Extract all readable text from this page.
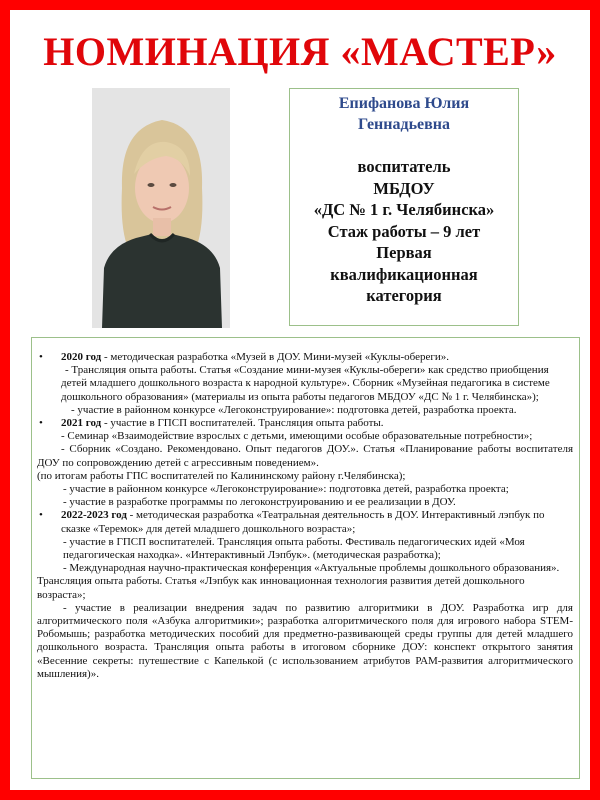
НОМИНАЦИЯ «МАСТЕР»
Епифанова Юлия
Геннадьевна
воспитатель
МБДОУ
«ДС № 1 г. Челябинска»
Стаж работы – 9 лет
Первая
квалификационная
категория

• 2020 год - методическая разработка «Музей в ДОУ. Мини-музей «Куклы-обереги».

- Трансляция опыта работы. Статья «Создание мини-музея «Куклы-обереги» как средство приобщения детей младшего дошкольного возраста к народной культуре». Сборник «Музейная педагогика в системе дошкольного образования» (материалы из опыта работы педагогов МБДОУ «ДС № 1 г. Челябинска»);

- участие в районном конкурсе «Легоконструирование»: подготовка детей, разработка проекта.

• 2021 год - участие в ГПСП воспитателей. Трансляция опыта работы.

- Семинар «Взаимодействие взрослых с детьми, имеющими особые образовательные потребности»;

- Сборник «Создано. Рекомендовано. Опыт педагогов ДОУ.». Статья «Планирование работы воспитателя ДОУ по сопровождению детей с агрессивным поведением».

(по итогам работы ГПС воспитателей по Калининскому району г.Челябинска);

- участие в районном конкурсе «Легоконструирование»: подготовка детей, разработка проекта;

- участие в разработке программы по легоконструированию и ее реализации в ДОУ.

• 2022-2023 год - методическая разработка «Театральная деятельность в ДОУ. Интерактивный лэпбук по сказке «Теремок» для детей младшего дошкольного возраста»;

- участие в ГПСП воспитателей. Трансляция опыта работы. Фестиваль педагогических идей «Моя педагогическая находка». «Интерактивный Лэпбук». (методическая разработка);

- Международная научно-практическая конференция «Актуальные проблемы дошкольного образования». Трансляция опыта работы. Статья «Лэпбук как инновационная технология развития детей дошкольного возраста»;

- участие в реализации внедрения задач по развитию алгоритмики в ДОУ. Разработка игр для алгоритмического поля «Азбука алгоритмики»; разработка алгоритмического поля для игрового набора STEM-Робомышь; разработка методических пособий для предметно-развивающей среды группы для детей младшего дошкольного возраста. Трансляция опыта работы в итоговом сборнике ДОУ: конспект открытого занятия «Весенние секреты: путешествие с Капелькой (с использованием атрибутов РАМ-развития алгоритмического мышления)».
